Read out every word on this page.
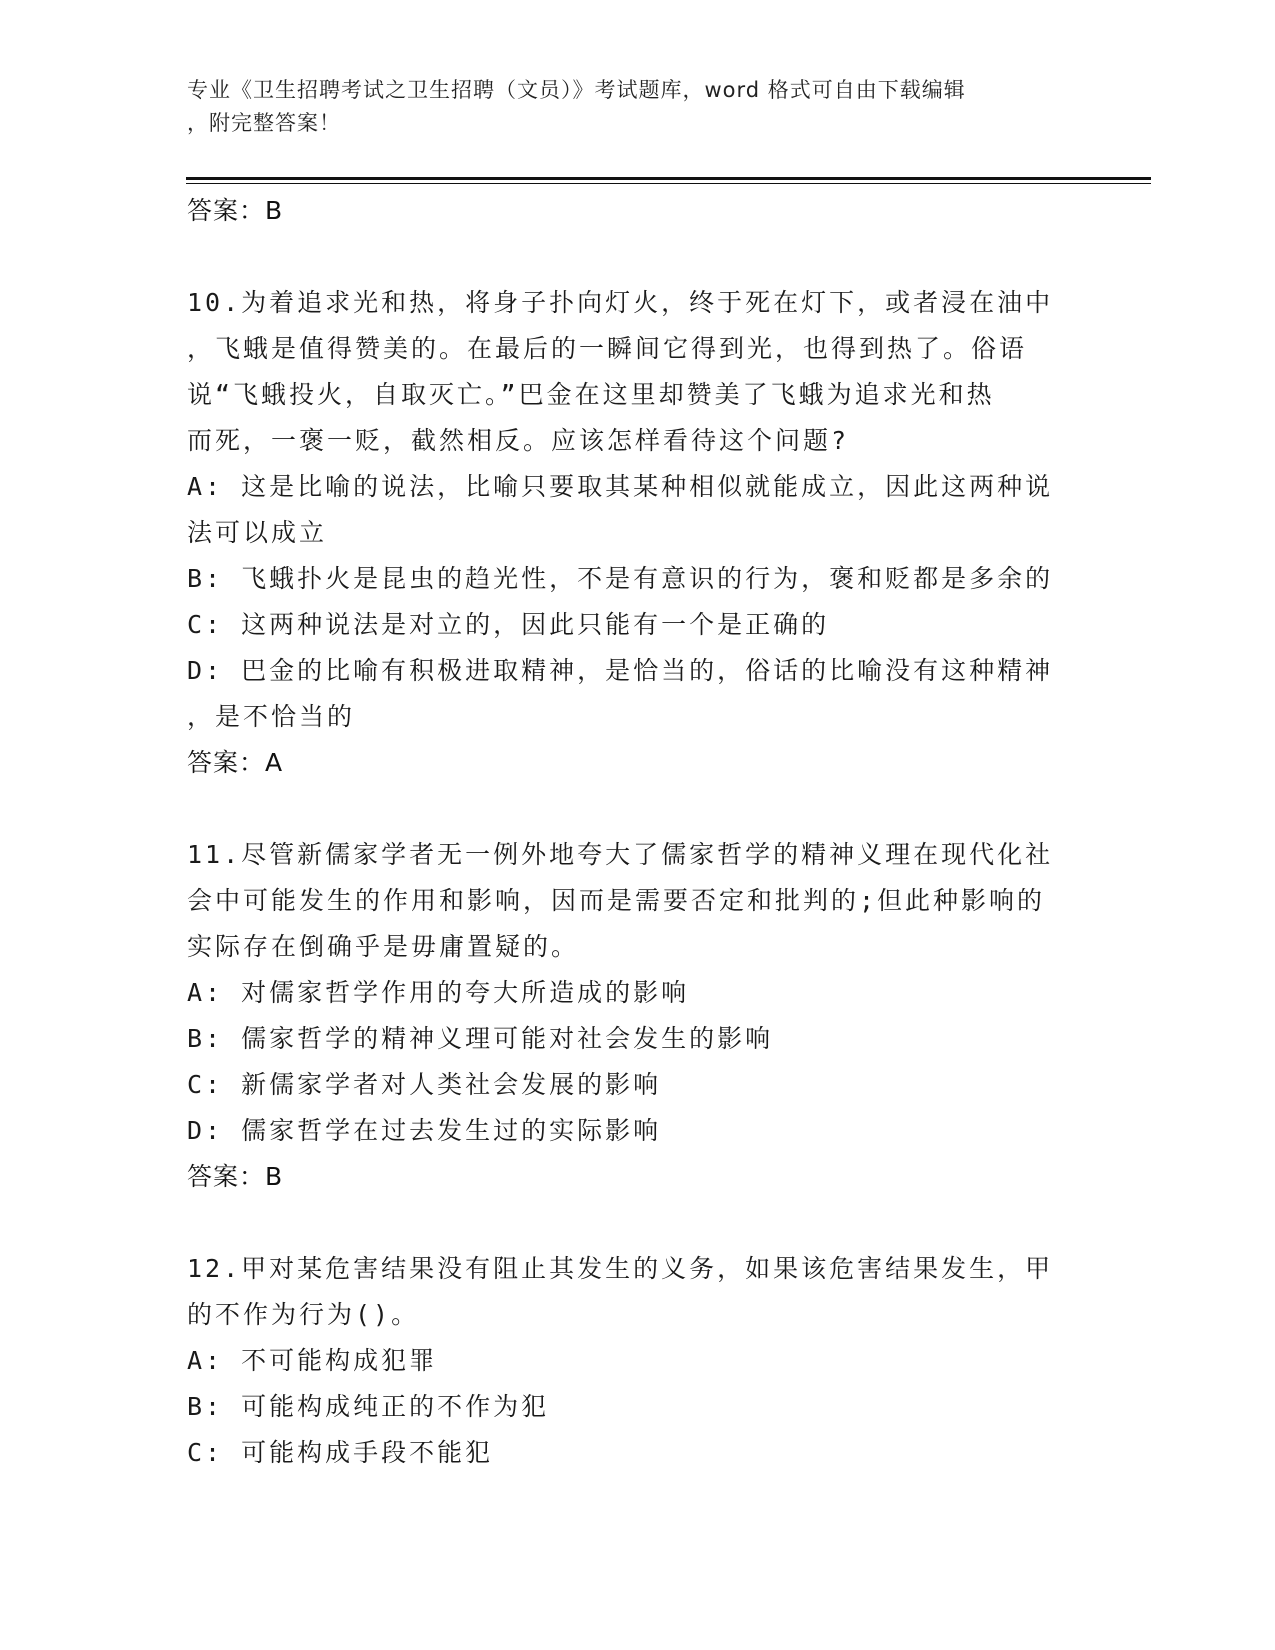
专业《卫生招聘考试之卫生招聘（文员）》考试题库，word 格式可自由下载编辑
，附完整答案！
答案：B
10.为着追求光和热，将身子扑向灯火，终于死在灯下，或者浸在油中
，飞蛾是值得赞美的。在最后的一瞬间它得到光，也得到热了。俗语
说“飞蛾投火，自取灭亡。”巴金在这里却赞美了飞蛾为追求光和热
而死，一褒一贬，截然相反。应该怎样看待这个问题?
A: 这是比喻的说法，比喻只要取其某种相似就能成立，因此这两种说
法可以成立
B: 飞蛾扑火是昆虫的趋光性，不是有意识的行为，褒和贬都是多余的
C: 这两种说法是对立的，因此只能有一个是正确的
D: 巴金的比喻有积极进取精神，是恰当的，俗话的比喻没有这种精神
，是不恰当的
答案：A
11.尽管新儒家学者无一例外地夸大了儒家哲学的精神义理在现代化社
会中可能发生的作用和影响，因而是需要否定和批判的;但此种影响的
实际存在倒确乎是毋庸置疑的。
A: 对儒家哲学作用的夸大所造成的影响
B: 儒家哲学的精神义理可能对社会发生的影响
C: 新儒家学者对人类社会发展的影响
D: 儒家哲学在过去发生过的实际影响
答案：B
12.甲对某危害结果没有阻止其发生的义务，如果该危害结果发生，甲
的不作为行为()。
A: 不可能构成犯罪
B: 可能构成纯正的不作为犯
C: 可能构成手段不能犯
